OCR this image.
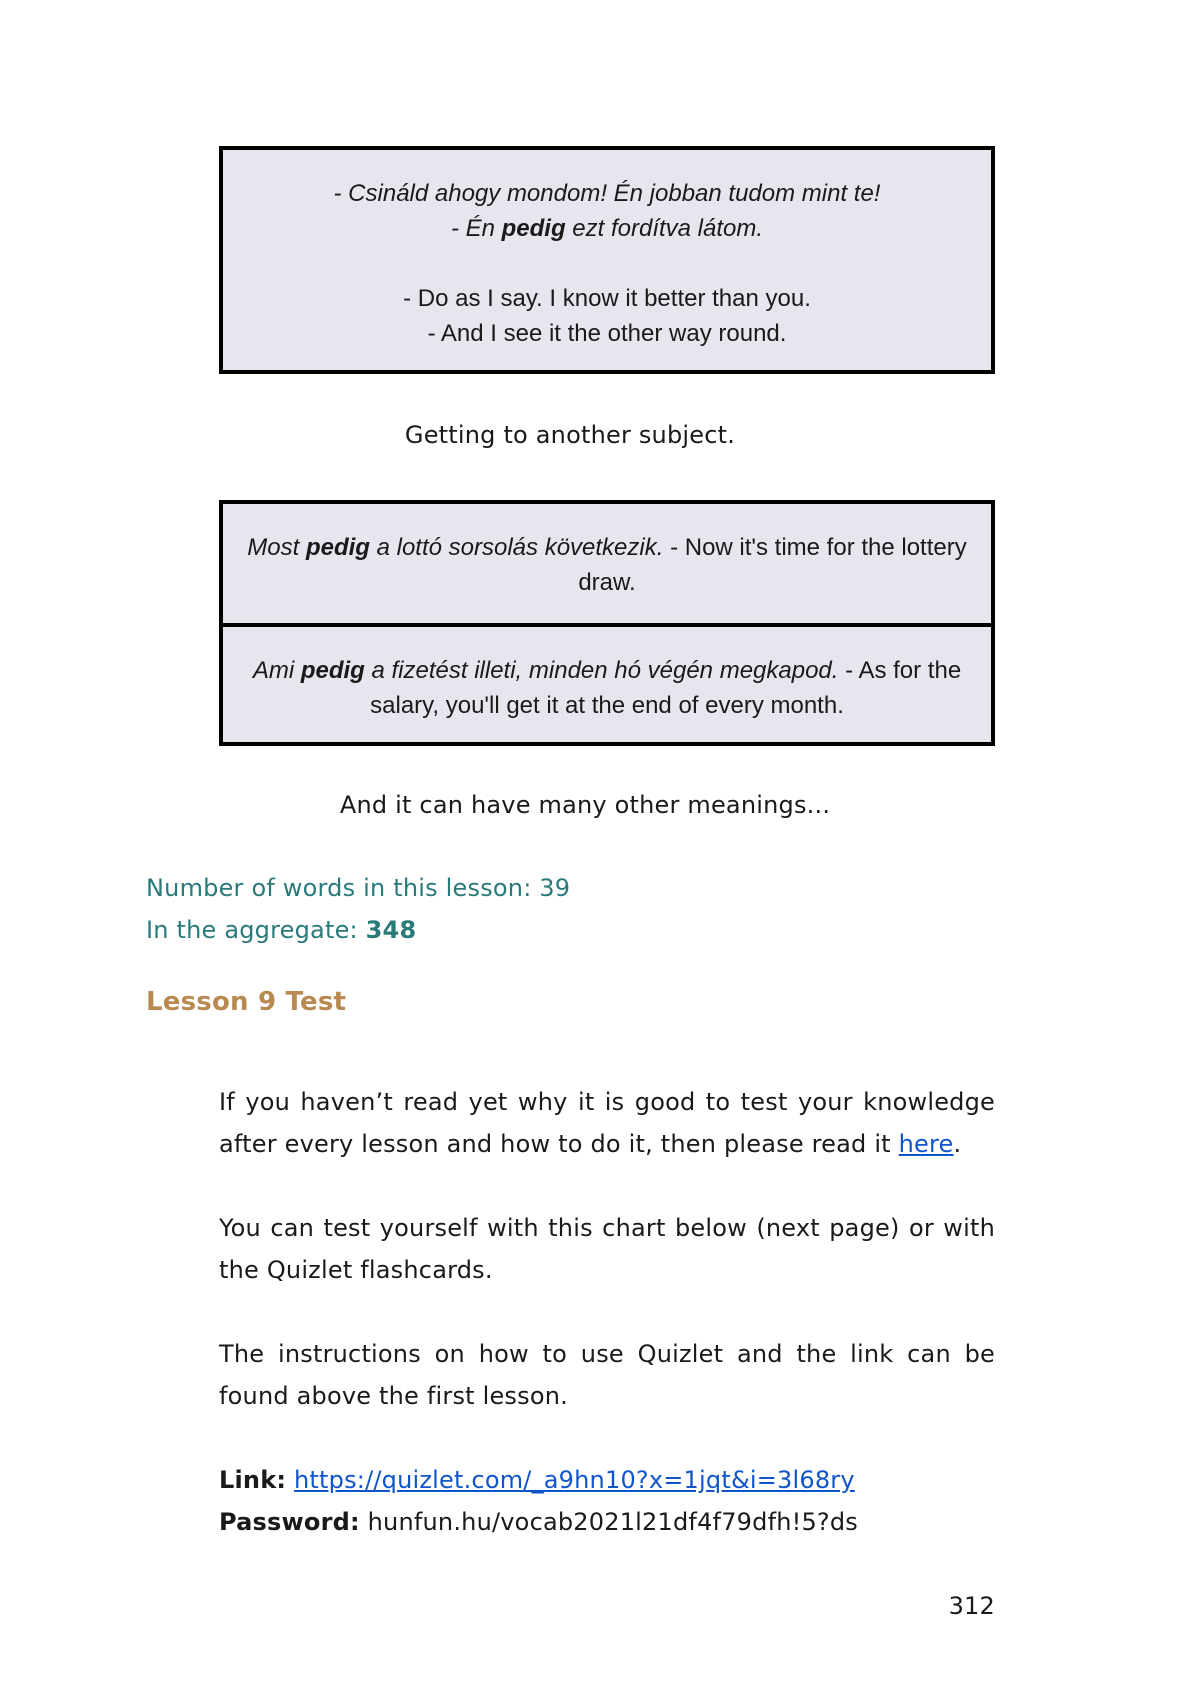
- Csináld ahogy mondom! Én jobban tudom mint te!
- Én pedig ezt fordítva látom.
- Do as I say. I know it better than you.
- And I see it the other way round.
Getting to another subject.
Most pedig a lottó sorsolás következik. - Now it's time for the lottery draw.
Ami pedig a fizetést illeti, minden hó végén megkapod. - As for the salary, you'll get it at the end of every month.
And it can have many other meanings...
Number of words in this lesson: 39
In the aggregate: 348
Lesson 9 Test
If you haven’t read yet why it is good to test your knowledge after every lesson and how to do it, then please read it here.
You can test yourself with this chart below (next page) or with the Quizlet flashcards.
The instructions on how to use Quizlet and the link can be found above the first lesson.
Link: https://quizlet.com/_a9hn10?x=1jqt&i=3l68ry
Password: hunfun.hu/vocab2021l21df4f79dfh!5?ds
312
